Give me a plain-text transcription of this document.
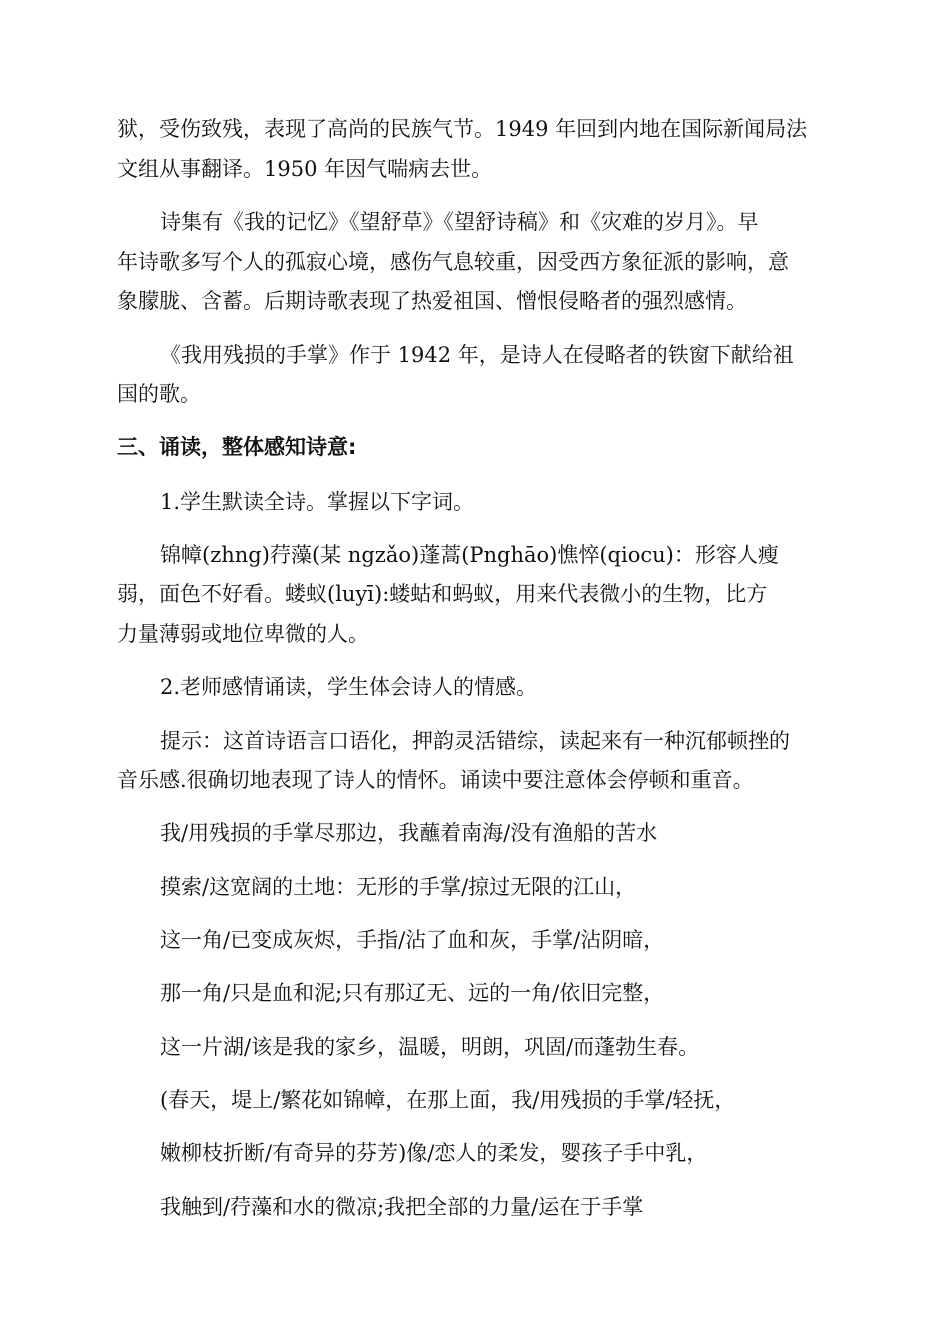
狱，受伤致残，表现了高尚的民族气节。1949 年回到内地在国际新闻局法
文组从事翻译。1950 年因气喘病去世。
诗集有《我的记忆》《望舒草》《望舒诗稿》和《灾难的岁月》。早
年诗歌多写个人的孤寂心境，感伤气息较重，因受西方象征派的影响，意
象朦胧、含蓄。后期诗歌表现了热爱祖国、憎恨侵略者的强烈感情。
《我用残损的手掌》作于 1942 年，是诗人在侵略者的铁窗下献给祖
国的歌。
三、诵读，整体感知诗意:
1.学生默读全诗。掌握以下字词。
锦幛(zhng)荇藻(某 ngzǎo)蓬蒿(Pnghāo)憔悴(qiocu)：形容人瘦
弱，面色不好看。蝼蚁(luyī):蝼蛄和蚂蚁，用来代表微小的生物，比方
力量薄弱或地位卑微的人。
2.老师感情诵读，学生体会诗人的情感。
提示：这首诗语言口语化，押韵灵活错综，读起来有一种沉郁顿挫的
音乐感.很确切地表现了诗人的情怀。诵读中要注意体会停顿和重音。
我/用残损的手掌尽那边，我蘸着南海/没有渔船的苦水
摸索/这宽阔的土地：无形的手掌/掠过无限的江山，
这一角/已变成灰烬，手指/沾了血和灰，手掌/沾阴暗，
那一角/只是血和泥;只有那辽无、远的一角/依旧完整，
这一片湖/该是我的家乡，温暖，明朗，巩固/而蓬勃生春。
(春天，堤上/繁花如锦幛，在那上面，我/用残损的手掌/轻抚，
嫩柳枝折断/有奇异的芬芳)像/恋人的柔发，婴孩子手中乳，
我触到/荇藻和水的微凉;我把全部的力量/运在于手掌
